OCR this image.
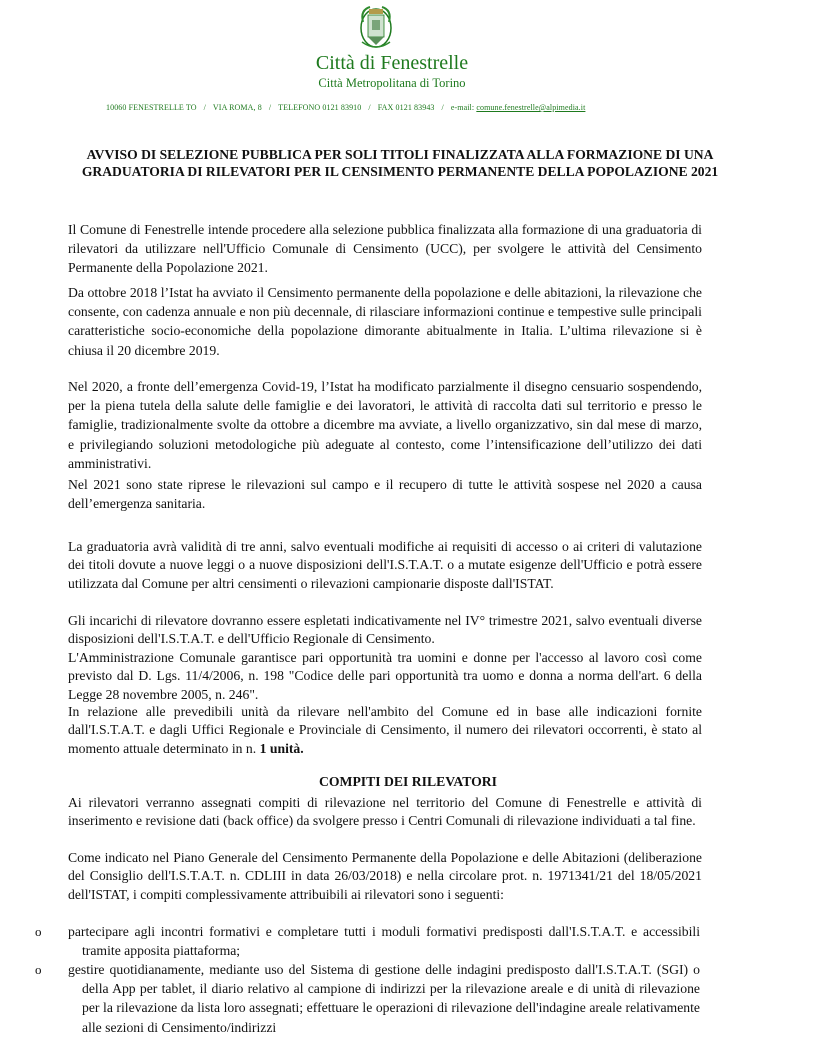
Città di Fenestrelle
Città Metropolitana di Torino
10060 FENESTRELLE TO / VIA ROMA, 8 / TELEFONO 0121 83910 / FAX 0121 83943 / e-mail: comune.fenestrelle@alpimedia.it

AVVISO DI SELEZIONE PUBBLICA PER SOLI TITOLI FINALIZZATA ALLA FORMAZIONE DI UNA GRADUATORIA DI RILEVATORI PER IL CENSIMENTO PERMANENTE DELLA POPOLAZIONE 2021

Il Comune di Fenestrelle intende procedere alla selezione pubblica finalizzata alla formazione di una graduatoria di rilevatori da utilizzare nell'Ufficio Comunale di Censimento (UCC), per svolgere le attività del Censimento Permanente della Popolazione 2021.

Da ottobre 2018 l’Istat ha avviato il Censimento permanente della popolazione e delle abitazioni, la rilevazione che consente, con cadenza annuale e non più decennale, di rilasciare informazioni continue e tempestive sulle principali caratteristiche socio-economiche della popolazione dimorante abitualmente in Italia. L’ultima rilevazione si è chiusa il 20 dicembre 2019.

Nel 2020, a fronte dell’emergenza Covid-19, l’Istat ha modificato parzialmente il disegno censuario sospendendo, per la piena tutela della salute delle famiglie e dei lavoratori, le attività di raccolta dati sul territorio e presso le famiglie, tradizionalmente svolte da ottobre a dicembre ma avviate, a livello organizzativo, sin dal mese di marzo, e privilegiando soluzioni metodologiche più adeguate al contesto, come l’intensificazione dell’utilizzo dei dati amministrativi.

Nel 2021 sono state riprese le rilevazioni sul campo e il recupero di tutte le attività sospese nel 2020 a causa dell’emergenza sanitaria.

La graduatoria avrà validità di tre anni, salvo eventuali modifiche ai requisiti di accesso o ai criteri di valutazione dei titoli dovute a nuove leggi o a nuove disposizioni dell'I.S.T.A.T. o a mutate esigenze dell'Ufficio e potrà essere utilizzata dal Comune per altri censimenti o rilevazioni campionarie disposte dall'ISTAT.

Gli incarichi di rilevatore dovranno essere espletati indicativamente nel IV° trimestre 2021, salvo eventuali diverse disposizioni dell'I.S.T.A.T. e dell'Ufficio Regionale di Censimento.

L'Amministrazione Comunale garantisce pari opportunità tra uomini e donne per l'accesso al lavoro così come previsto dal D. Lgs. 11/4/2006, n. 198 "Codice delle pari opportunità tra uomo e donna a norma dell'art. 6 della Legge 28 novembre 2005, n. 246".

In relazione alle prevedibili unità da rilevare nell'ambito del Comune ed in base alle indicazioni fornite dall'I.S.T.A.T. e dagli Uffici Regionale e Provinciale di Censimento, il numero dei rilevatori occorrenti, è stato al momento attuale determinato in n. 1 unità.

COMPITI DEI RILEVATORI

Ai rilevatori verranno assegnati compiti di rilevazione nel territorio del Comune di Fenestrelle e attività di inserimento e revisione dati (back office) da svolgere presso i Centri Comunali di rilevazione individuati a tal fine.

Come indicato nel Piano Generale del Censimento Permanente della Popolazione e delle Abitazioni (deliberazione del Consiglio dell'I.S.T.A.T. n. CDLIII in data 26/03/2018) e nella circolare prot. n. 1971341/21 del 18/05/2021 dell'ISTAT, i compiti complessivamente attribuibili ai rilevatori sono i seguenti:

o partecipare agli incontri formativi e completare tutti i moduli formativi predisposti dall'I.S.T.A.T. e accessibili tramite apposita piattaforma;

o gestire quotidianamente, mediante uso del Sistema di gestione delle indagini predisposto dall'I.S.T.A.T. (SGI) o della App per tablet, il diario relativo al campione di indirizzi per la rilevazione areale e di unità di rilevazione per la rilevazione da lista loro assegnati; effettuare le operazioni di rilevazione dell'indagine areale relativamente alle sezioni di Censimento/indirizzi
